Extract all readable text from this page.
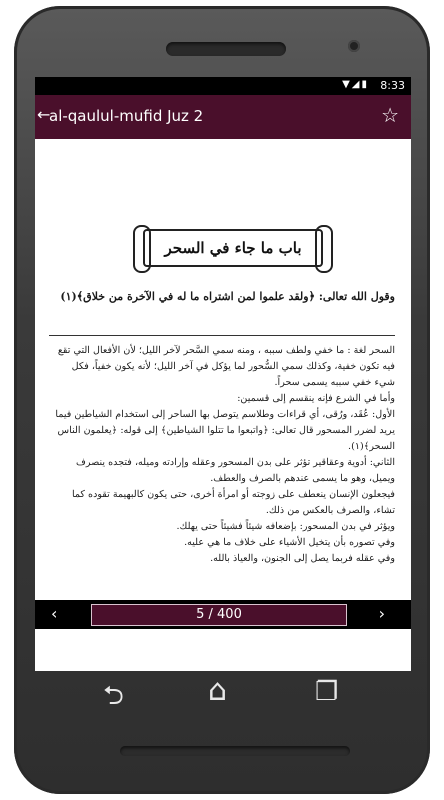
▼◢▮ 8:33
←
al-qaulul-mufid Juz 2	☆
باب ما جاء في السحر
وقول الله تعالى: ﴿ولقد علموا لمن اشتراه ما له في الآخرة من خلاق﴾(١)

السحر لغة : ما خفي ولطف سببه ، ومنه سمي السَّحر لآخر الليل؛ لأن الأفعال التي تقع فيه تكون خفية، وكذلك سمي السُّحور لما يؤكل في آخر الليل؛ لأنه يكون خفياً، فكل شيء خفي سببه يسمى سحراً.

وأما في الشرع فإنه ينقسم إلى قسمين:

الأول: عُقَد، ورُقى، أي قراءات وطلاسم يتوصل بها الساحر إلى استخدام الشياطين فيما يريد لضرر المسحور قال تعالى: ﴿واتبعوا ما تتلوا الشياطين﴾ إلى قوله: ﴿يعلمون الناس السحر﴾(١).

الثاني: أدوية وعقاقير تؤثر على بدن المسحور وعقله وإرادته وميله، فتجده ينصرف ويميل، وهو ما يسمى عندهم بالصرف والعطف.

فيجعلون الإنسان ينعطف على زوجته أو امرأة أخرى، حتى يكون كالبهيمة تقوده كما تشاء، والصرف بالعكس من ذلك.

ويؤثر في بدن المسحور: بإضعافه شيئاً فشيئاً حتى يهلك.

وفي تصوره بأن يتخيل الأشياء على خلاف ما هي عليه.

وفي عقله فربما يصل إلى الجنون، والعياذ بالله.

‹	5 / 400	›
⮌	⌂	❐
